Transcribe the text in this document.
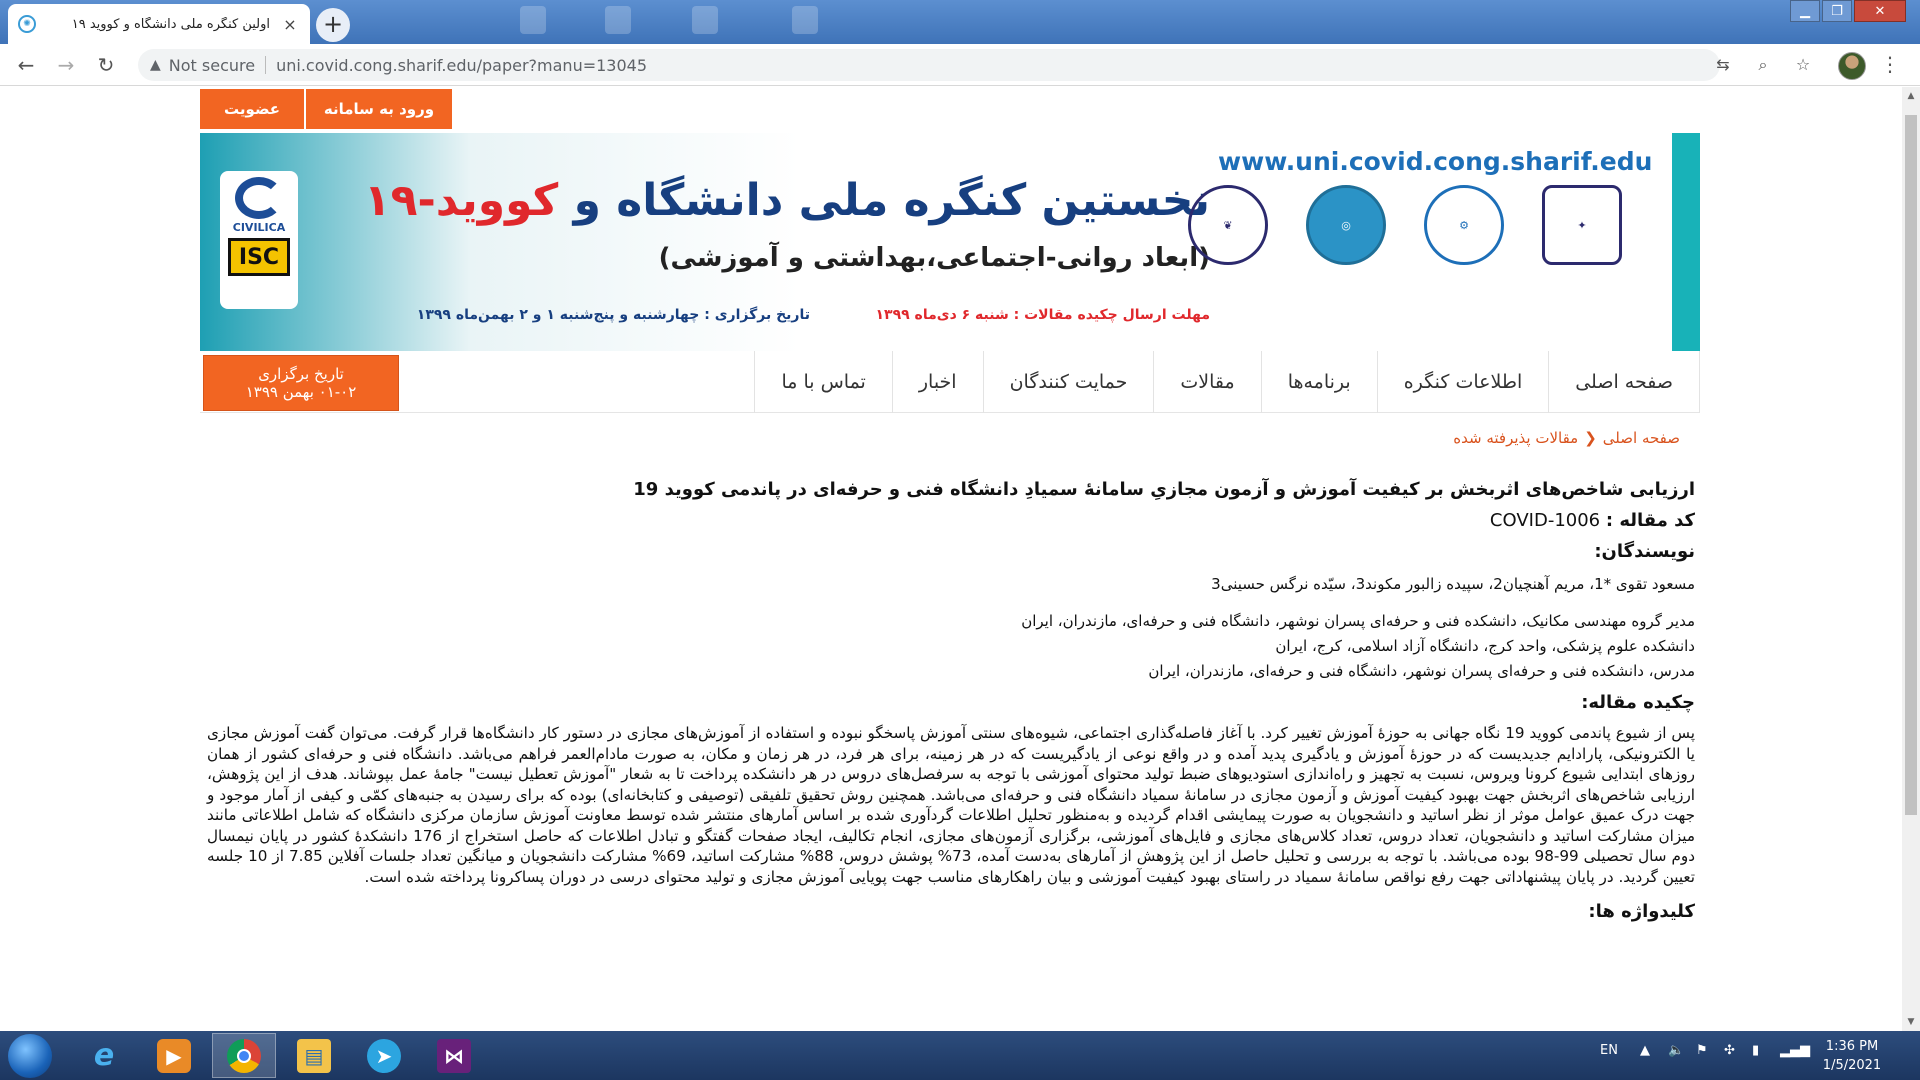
✺	اولین کنگره ملی دانشگاه و کووید ۱۹ × +	▁	❐	✕
← → ↻	▲ Not secure uni.covid.cong.sharif.edu/paper?manu=13045	⇆	⌕	☆	⋮
عضویت	ورود به سامانه
CIVILICA
ISC
www.uni.covid.cong.sharif.edu
نخستین کنگره ملی دانشگاه و کووید-۱۹
(ابعاد روانی-اجتماعی،بهداشتی و آموزشی)
مهلت ارسال چکیده مقالات : شنبه ۶ دی‌ماه ۱۳۹۹
تاریخ برگزاری : چهارشنبه و پنج‌شنبه ۱ و ۲ بهمن‌ماه ۱۳۹۹
✦
⚙
◎
❦
صفحه اصلی
اطلاعات کنگره
برنامه‌ها
مقالات
حمایت کنندگان
اخبار
تماس با ما
تاریخ برگزاری
۰۱-۰۲ بهمن ۱۳۹۹
صفحه اصلی
❮
مقالات پذیرفته شده
ارزیابی شاخص‌های اثربخش بر کیفیت آموزش و آزمون مجازیِ سامانهٔ سمیادِ دانشگاه فنی و حرفه‌ای در پاندمی کووید 19
کد مقاله : 1006-COVID
نویسندگان:
مسعود تقوی *1، مریم آهنچیان2، سپیده زالبور مکوند3، سیّده نرگس حسینی3
مدیر گروه مهندسی مکانیک، دانشکده فنی و حرفه‌ای پسران نوشهر، دانشگاه فنی و حرفه‌ای، مازندران، ایران
دانشکده علوم پزشکی، واحد کرج، دانشگاه آزاد اسلامی، کرج، ایران
مدرس، دانشکده فنی و حرفه‌ای پسران نوشهر، دانشگاه فنی و حرفه‌ای، مازندران، ایران
چکیده مقاله:
پس از شیوع پاندمی کووید 19 نگاه جهانی به حوزهٔ آموزش تغییر کرد. با آغاز فاصله‌گذاری اجتماعی، شیوه‌های سنتی آموزش پاسخگو نبوده و استفاده از آموزش‌های مجازی در دستور کار دانشگاه‌ها قرار گرفت. می‌توان گفت آموزش مجازی یا الکترونیکی، پارادایم جدیدیست که در حوزهٔ آموزش و یادگیری پدید آمده و در واقع نوعی از یادگیریست که در هر زمینه، برای هر فرد، در هر زمان و مکان، به صورت مادام‌العمر فراهم می‌باشد. دانشگاه فنی و حرفه‌ای کشور از همان روزهای ابتدایی شیوع کرونا ویروس، نسبت به تجهیز و راه‌اندازی استودیوهای ضبط تولید محتوای آموزشی با توجه به سرفصل‌های دروس در هر دانشکده پرداخت تا به شعار "آموزش تعطیل نیست" جامهٔ عمل بپوشاند. هدف از این پژوهش، ارزیابی شاخص‌های اثربخش جهت بهبود کیفیت آموزش و آزمون مجازی در سامانهٔ سمیاد دانشگاه فنی و حرفه‌ای می‌باشد. همچنین روش تحقیق تلفیقی (توصیفی و کتابخانه‌ای) بوده که برای رسیدن به جنبه‌های کمّی و کیفی از آمار موجود و جهت درک عمیق عوامل موثر از نظر اساتید و دانشجویان به صورت پیمایشی اقدام گردیده و به‌منظور تحلیل اطلاعات گردآوری شده بر اساس آمارهای منتشر شده توسط معاونت آموزش سازمان مرکزی دانشگاه که شامل اطلاعاتی مانند میزان مشارکت اساتید و دانشجویان، تعداد دروس، تعداد کلاس‌های مجازی و فایل‌های آموزشی، برگزاری آزمون‌های مجازی، انجام تکالیف، ایجاد صفحات گفتگو و تبادل اطلاعات که حاصل استخراج از 176 دانشکدهٔ کشور در پایان نیمسال دوم سال تحصیلی 99-98 بوده می‌باشد. با توجه به بررسی و تحلیل حاصل از این پژوهش از آمارهای به‌دست آمده، 73% پوشش دروس، 88% مشارکت اساتید، 69% مشارکت دانشجویان و میانگین تعداد جلسات آفلاین 7.85 از 10 جلسه تعیین گردید. در پایان پیشنهاداتی جهت رفع نواقص سامانهٔ سمیاد در راستای بهبود کیفیت آموزشی و بیان راهکارهای مناسب جهت پویایی آموزش مجازی و تولید محتوای درسی در دوران پساکرونا پرداخته شده است.
کلیدواژه ها:
▲
▼
e	▶	▤	➤	⋈	EN ▲ 🔈 ⚑ ✣ ▮ ▂▄▆	1:36 PM
1/5/2021
